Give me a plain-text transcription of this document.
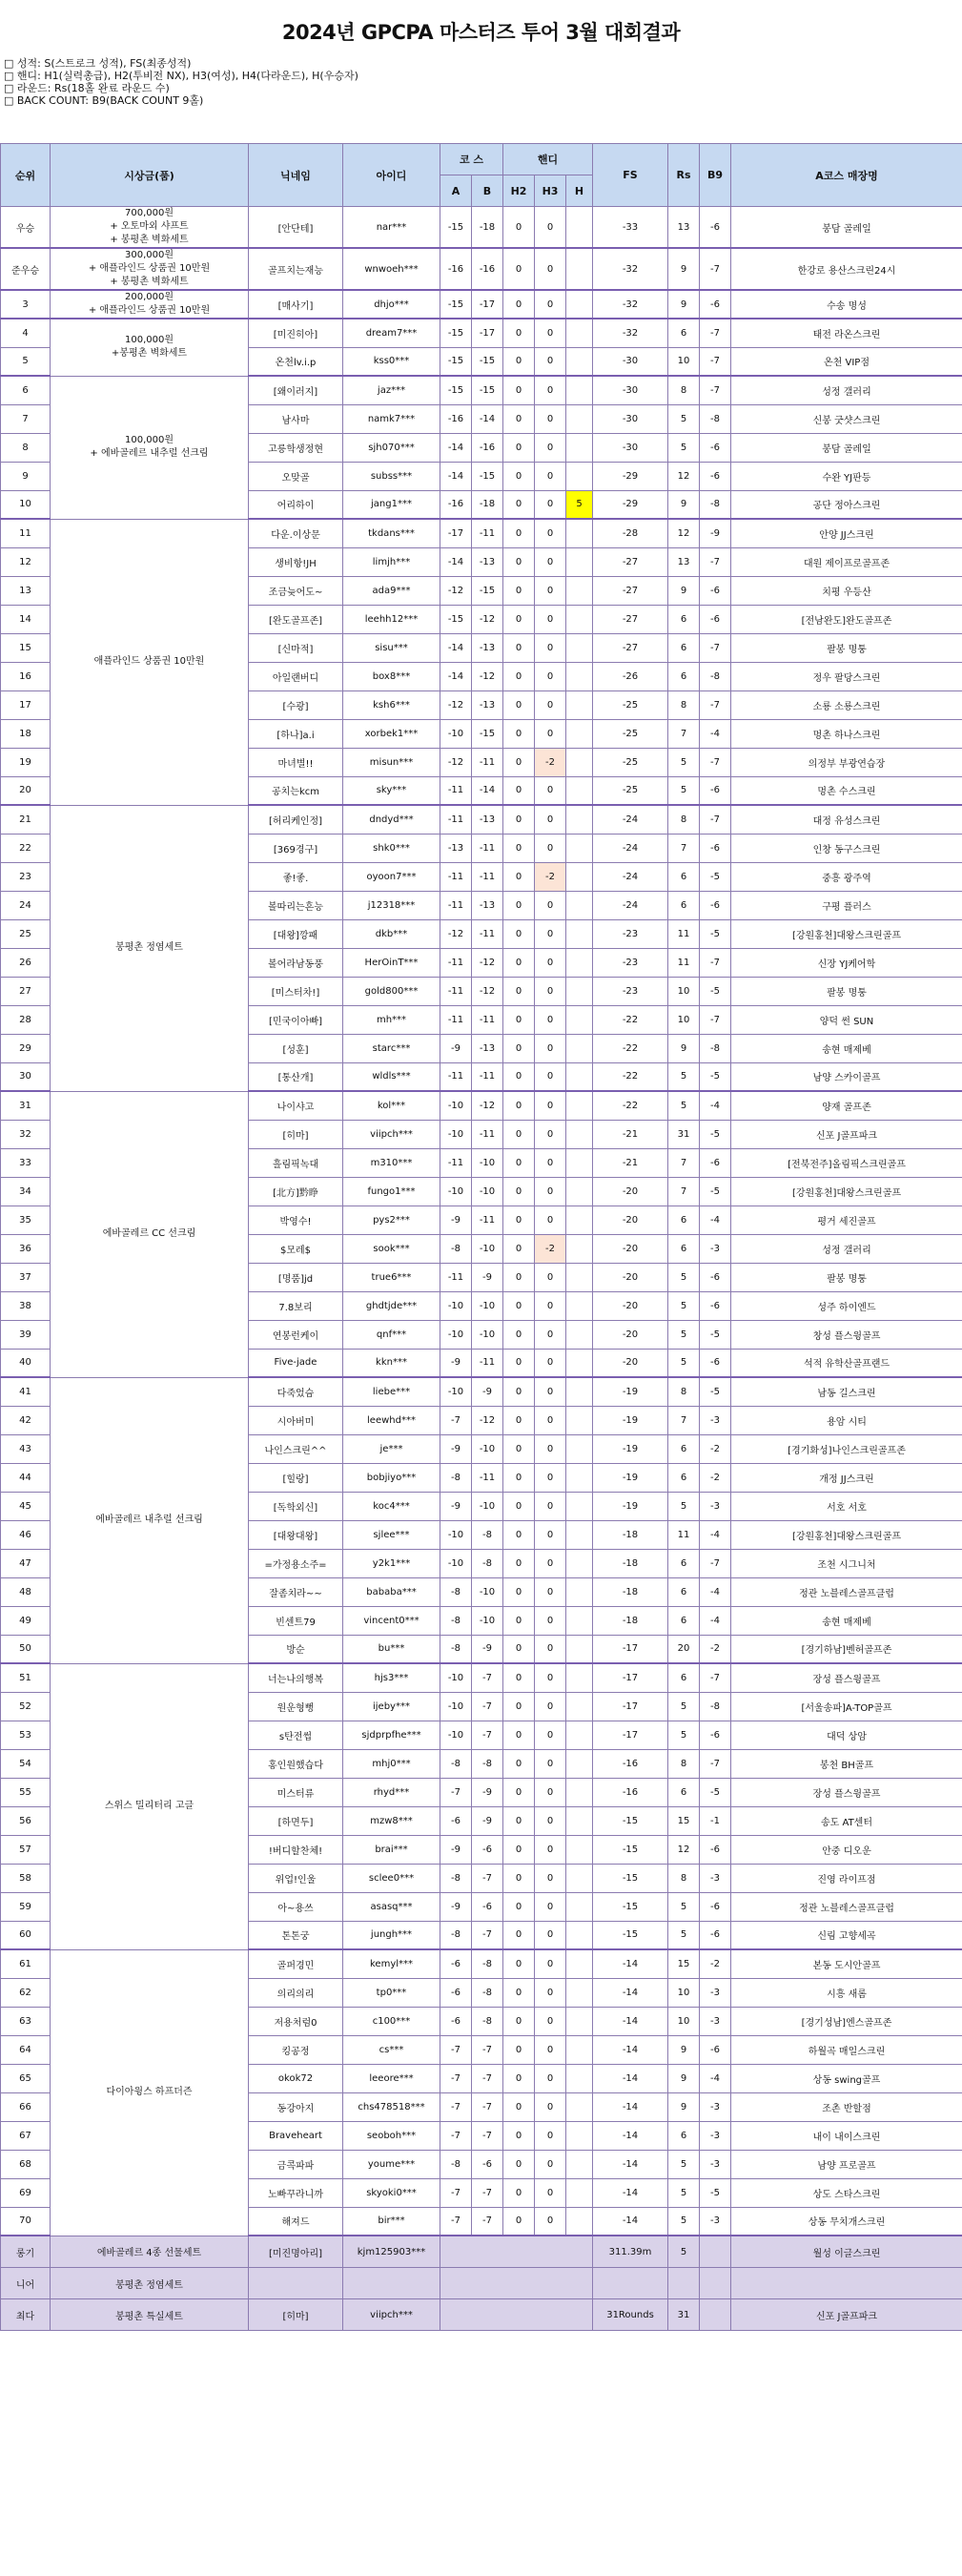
2024년 GPCPA 마스터즈 투어 3월 대회결과
□ 성적: S(스트로크 성적), FS(최종성적)
□ 핸디: H1(실력총급), H2(투비전 NX), H3(여성), H4(다라운드), H(우승자)
□ 라운드: Rs(18홀 완료 라운드 수)
□ BACK COUNT: B9(BACK COUNT 9홀)
순위	시상금(품)	닉네임	아이디	코 스		핸디			FS	Rs	B9	A코스 매장명
				A	B	H2	H3	H				
우승	700,000원
+ 오토마외 샤프트
+ 봉평촌 벽화세트	[안단테]	nar***	-15	-18	0	0		-33	13	-6	봉담 골레일
준우승	300,000원
+ 애플라인드 상품권 10만원
+ 봉평촌 벽화세트	골프치는재능	wnwoeh***	-16	-16	0	0		-32	9	-7	한강로 용산스크린24시
3	200,000원
+ 애플라인드 상품권 10만원	[매사기]	dhjo***	-15	-17	0	0		-32	9	-6	수송 명성
4	100,000원
+봉평촌 벽화세트	[미진히아]	dream7***	-15	-17	0	0		-32	6	-7	태전 라온스크린
5		온천lv.i.p	kss0***	-15	-15	0	0		-30	10	-7	온천 VIP점
6	100,000원
+ 에바골레르 내추럴 선크림	[왜이러지]	jaz***	-15	-15	0	0		-30	8	-7	성정 갤러리
7		남사마	namk7***	-16	-14	0	0		-30	5	-8	신봉 굿샷스크린
8		고릉학생정현	sjh070***	-14	-16	0	0		-30	5	-6	봉담 골레일
9		오맞골	subss***	-14	-15	0	0		-29	12	-6	수완 YJ판등
10		어리하이	jang1***	-16	-18	0	0	5	-29	9	-8	공단 정아스크린
11	애플라인드 상품권 10만원	다운.이상문	tkdans***	-17	-11	0	0		-28	12	-9	안양 JJ스크린
12		생비항!JH	limjh***	-14	-13	0	0		-27	13	-7	대원 제이프로골프존
13		조금늦어도~	ada9***	-12	-15	0	0		-27	9	-6	치평 우등산
14		[완도골프존]	leehh12***	-15	-12	0	0		-27	6	-6	[전남완도]완도골프존
15		[신마적]	sisu***	-14	-13	0	0		-27	6	-7	팔봉 명퉁
16		아일랜버디	box8***	-14	-12	0	0		-26	6	-8	정우 팔당스크린
17		[수광]	ksh6***	-12	-13	0	0		-25	8	-7	소룡 소룡스크린
18		[하나]a.i	xorbek1***	-10	-15	0	0		-25	7	-4	멍촌 하나스크린
19		마녀별!!	misun***	-12	-11	0	-2		-25	5	-7	의정부 부광연습장
20		공치는kcm	sky***	-11	-14	0	0		-25	5	-6	멍촌 수스크린
21	봉평촌 정염세트	[허리케인정]	dndyd***	-11	-13	0	0		-24	8	-7	대정 유성스크린
22		[369경구]	shk0***	-13	-11	0	0		-24	7	-6	인창 동구스크린
23		좋!좋.	oyoon7***	-11	-11	0	-2		-24	6	-5	중흥 광주역
24		볼따리는흔능	j12318***	-11	-13	0	0		-24	6	-6	구평 플러스
25		[대왕]깡패	dkb***	-12	-11	0	0		-23	11	-5	[강원홍천]대왕스크린골프
26		볼어라남동풍	HerOinT***	-11	-12	0	0		-23	11	-7	신장 YJ케어학
27		[미스터차!]	gold800***	-11	-12	0	0		-23	10	-5	팔봉 명퉁
28		[민국이아빠]	mh***	-11	-11	0	0		-22	10	-7	양덕 썬 SUN
29		[성훈]	starc***	-9	-13	0	0		-22	9	-8	송현 매제베
30		[통산개]	wldls***	-11	-11	0	0		-22	5	-5	남양 스카이골프
31	에바골레르 CC 선크림	나이샤고	kol***	-10	-12	0	0		-22	5	-4	양재 골프존
32		[히마]	viipch***	-10	-11	0	0		-21	31	-5	신포 J골프파크
33		흘림픽녹대	m310***	-11	-10	0	0		-21	7	-6	[전북전주]올림픽스크린골프
34		[北方]黔睁	fungo1***	-10	-10	0	0		-20	7	-5	[강원홍천]대왕스크린골프
35		박영수!	pys2***	-9	-11	0	0		-20	6	-4	평거 세진골프
36		$모레$	sook***	-8	-10	0	-2		-20	6	-3	성정 갤러리
37		[명품]jd	true6***	-11	-9	0	0		-20	5	-6	팔봉 명퉁
38		7.8보리	ghdtjde***	-10	-10	0	0		-20	5	-6	성주 하이엔드
39		연봉런케이	qnf***	-10	-10	0	0		-20	5	-5	창성 플스윙골프
40		Five-jade	kkn***	-9	-11	0	0		-20	5	-6	석적 유학산골프랜드
41	에바골레르 내추럴 선크림	다죽었슴	liebe***	-10	-9	0	0		-19	8	-5	남동 길스크린
42		시아버미	leewhd***	-7	-12	0	0		-19	7	-3	용암 시티
43		나인스크린^^	je***	-9	-10	0	0		-19	6	-2	[경기화성]나인스크린골프존
44		[힐랑]	bobjiyo***	-8	-11	0	0		-19	6	-2	개정 JJ스크린
45		[독학외신]	koc4***	-9	-10	0	0		-19	5	-3	서호 서호
46		[대왕대왕]	sjlee***	-10	-8	0	0		-18	11	-4	[강원홍천]대왕스크린골프
47		=가정용소주=	y2k1***	-10	-8	0	0		-18	6	-7	조천 시그니처
48		잘좀치라~~	bababa***	-8	-10	0	0		-18	6	-4	정관 노블레스골프클럽
49		빈센트79	vincent0***	-8	-10	0	0		-18	6	-4	송현 매제베
50		방순	bu***	-8	-9	0	0		-17	20	-2	[경기하남]벤허골프존
51	스위스 밀리터리 고글	너는나의행복	hjs3***	-10	-7	0	0		-17	6	-7	장성 플스윙골프
52		원운형뻥	ijeby***	-10	-7	0	0		-17	5	-8	[서울송파]A-TOP골프
53		s탄전썹	sjdprpfhe***	-10	-7	0	0		-17	5	-6	대덕 상암
54		홍인원했습다	mhj0***	-8	-8	0	0		-16	8	-7	봉천 BH골프
55		미스터류	rhyd***	-7	-9	0	0		-16	6	-5	장성 플스윙골프
56		[하면두]	mzw8***	-6	-9	0	0		-15	15	-1	송도 AT센터
57		!버디할찬체!	brai***	-9	-6	0	0		-15	12	-6	안중 디오운
58		위업!인울	sclee0***	-8	-7	0	0		-15	8	-3	진영 라이프점
59		아~용쓰	asasq***	-9	-6	0	0		-15	5	-6	정관 노블레스골프클럽
60		톤톤궁	jungh***	-8	-7	0	0		-15	5	-6	신림 고향세곡
61	다이아윙스 하프더즌	골퍼경민	kemyl***	-6	-8	0	0		-14	15	-2	본동 도시안골프
62		의리의리	tp0***	-6	-8	0	0		-14	10	-3	시흥 새롬
63		저용처럼0	c100***	-6	-8	0	0		-14	10	-3	[경기성남]엔스골프존
64		킹공정	cs***	-7	-7	0	0		-14	9	-6	하월곡 매일스크린
65		okok72	leeore***	-7	-7	0	0		-14	9	-4	상동 swing골프
66		동강아지	chs478518***	-7	-7	0	0		-14	9	-3	조촌 반할점
67		Braveheart	seoboh***	-7	-7	0	0		-14	6	-3	내이 내이스크린
68		금콕파파	youme***	-8	-6	0	0		-14	5	-3	남양 프로골프
69		노빠꾸라니까	skyoki0***	-7	-7	0	0		-14	5	-5	상도 스타스크린
70		해져드	bir***	-7	-7	0	0		-14	5	-3	상동 무치개스크린
롱기	에바골레르 4종 선물세트	[미진명아리]	kjm125903***						311.39m	5		월성 이글스크린
니어	봉평촌 정염세트											
최다	봉평촌 특실세트	[히마]	viipch***						31Rounds	31		신포 J골프파크
